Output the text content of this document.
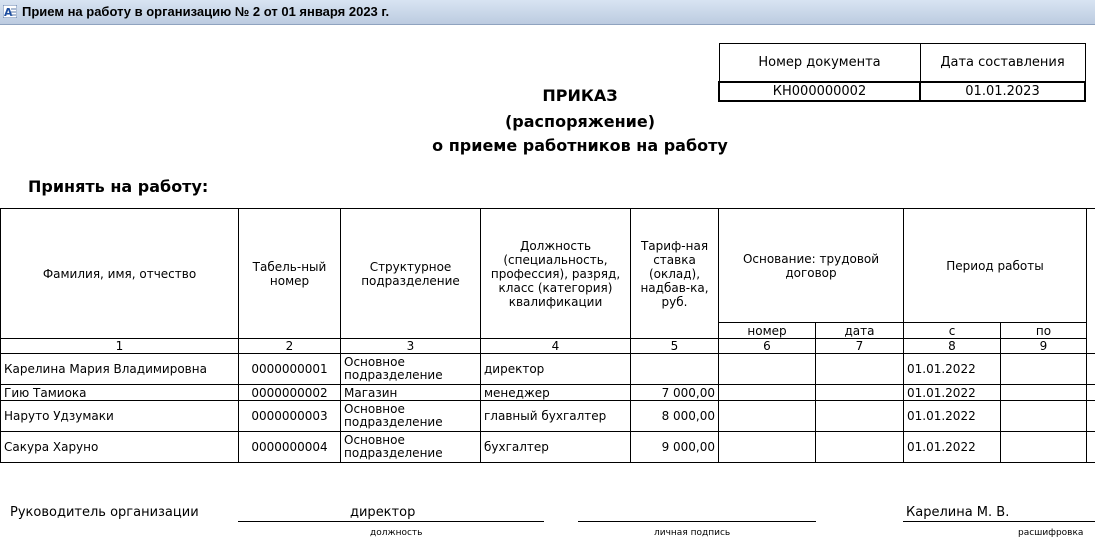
A Прием на работу в организацию № 2 от 01 января 2023 г.
Номер документа	Дата составления
КН000000002	01.01.2023
ПРИКАЗ
(распоряжение)
о приеме работников на работу
Принять на работу:
Фамилия, имя, отчество	Табель-ный номер	Структурное подразделение	Должность (специальность, профессия), разряд, класс (категория) квалификации	Тариф-ная ставка (оклад), надбав-ка, руб.	Основание: трудовой договор		Период работы		
					номер	дата	с	по	
1	2	3	4	5	6	7	8	9	
Карелина Мария Владимировна	0000000001	Основное подразделение	директор				01.01.2022		
Гию Тамиока	0000000002	Магазин	менеджер	7 000,00			01.01.2022		
Наруто Удзумаки	0000000003	Основное подразделение	главный бухгалтер	8 000,00			01.01.2022		
Сакура Харуно	0000000004	Основное подразделение	бухгалтер	9 000,00			01.01.2022		
Руководитель организации	директор
должность	личная подпись
Карелина М. В.
расшифровка
